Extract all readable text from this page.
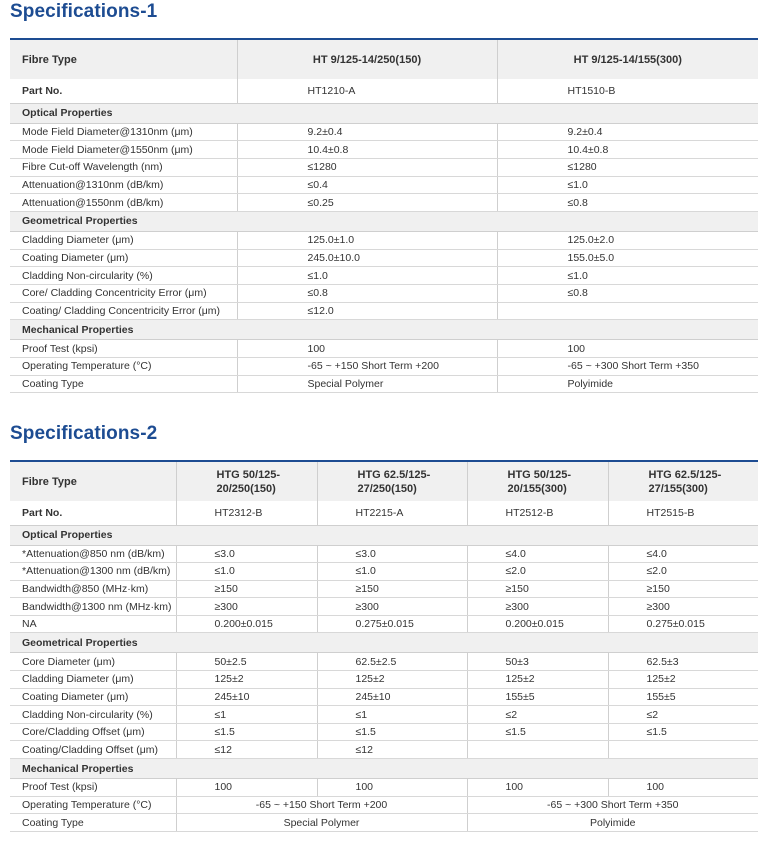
Specifications-1
Fibre Type	HT 9/125-14/250(150)	HT 9/125-14/155(300)
Part No.	HT1210-A	HT1510-B
Optical Properties		
Mode Field Diameter@1310nm (μm)	9.2±0.4	9.2±0.4
Mode Field Diameter@1550nm (μm)	10.4±0.8	10.4±0.8
Fibre Cut-off Wavelength (nm)	≤1280	≤1280
Attenuation@1310nm (dB/km)	≤0.4	≤1.0
Attenuation@1550nm (dB/km)	≤0.25	≤0.8
Geometrical Properties		
Cladding Diameter (μm)	125.0±1.0	125.0±2.0
Coating Diameter (μm)	245.0±10.0	155.0±5.0
Cladding Non-circularity (%)	≤1.0	≤1.0
Core/ Cladding Concentricity Error (μm)	≤0.8	≤0.8
Coating/ Cladding Concentricity Error (μm)	≤12.0	
Mechanical Properties		
Proof Test (kpsi)	100	100
Operating Temperature (°C)	-65 ~ +150 Short Term +200	-65 ~ +300 Short Term +350
Coating Type	Special Polymer	Polyimide
Specifications-2
Fibre Type	HTG 50/125-20/250(150)	HTG 62.5/125-27/250(150)	HTG 50/125-20/155(300)	HTG 62.5/125-27/155(300)
Part No.	HT2312-B	HT2215-A	HT2512-B	HT2515-B
Optical Properties				
*Attenuation@850 nm (dB/km)	≤3.0	≤3.0	≤4.0	≤4.0
*Attenuation@1300 nm (dB/km)	≤1.0	≤1.0	≤2.0	≤2.0
Bandwidth@850 (MHz·km)	≥150	≥150	≥150	≥150
Bandwidth@1300 nm (MHz·km)	≥300	≥300	≥300	≥300
NA	0.200±0.015	0.275±0.015	0.200±0.015	0.275±0.015
Geometrical Properties				
Core Diameter (μm)	50±2.5	62.5±2.5	50±3	62.5±3
Cladding Diameter (μm)	125±2	125±2	125±2	125±2
Coating Diameter (μm)	245±10	245±10	155±5	155±5
Cladding Non-circularity (%)	≤1	≤1	≤2	≤2
Core/Cladding Offset (μm)	≤1.5	≤1.5	≤1.5	≤1.5
Coating/Cladding Offset (μm)	≤12	≤12		
Mechanical Properties				
Proof Test (kpsi)	100	100	100	100
Operating Temperature (°C)	-65 ~ +150 Short Term +200		-65 ~ +300 Short Term +350	
Coating Type	Special Polymer		Polyimide	
